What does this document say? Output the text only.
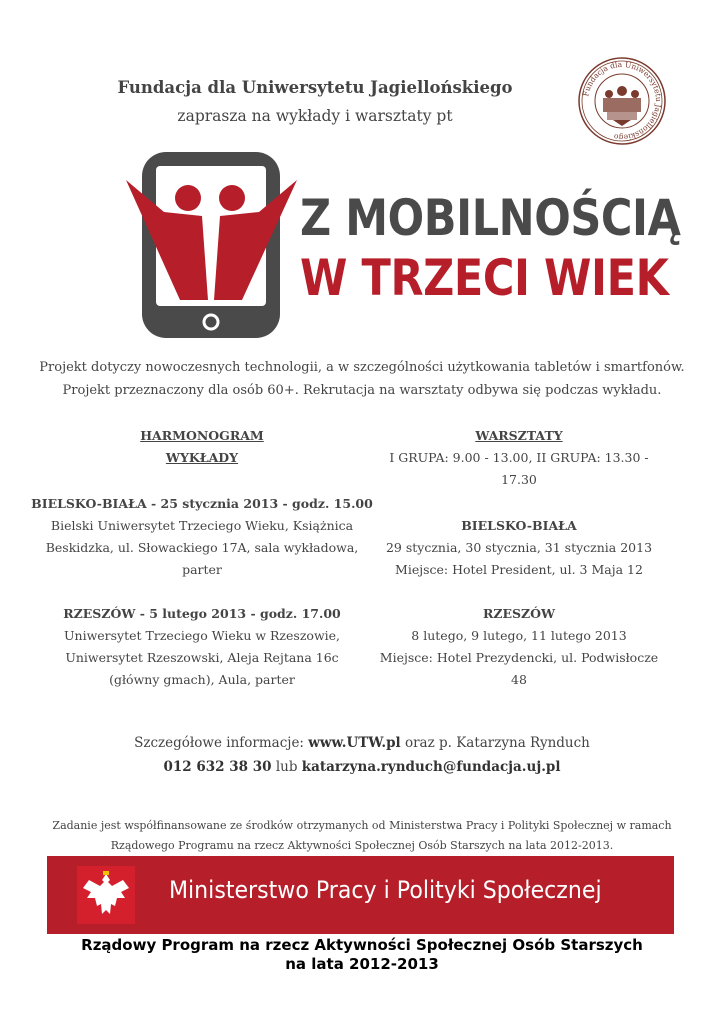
Fundacja dla Uniwersytetu Jagiellońskiego
zaprasza na wykłady i warsztaty pt
Fundacja dla Uniwersytetu Jagiellońskiego
Z MOBILNOŚCIĄ
W TRZECI WIEK
Projekt dotyczy nowoczesnych technologii, a w szczególności użytkowania tabletów i smartfonów.
Projekt przeznaczony dla osób 60+. Rekrutacja na warsztaty odbywa się podczas wykładu.
HARMONOGRAM
WYKŁADY
BIELSKO-BIAŁA - 25 stycznia 2013 - godz. 15.00
Bielski Uniwersytet Trzeciego Wieku, Książnica
Beskidzka, ul. Słowackiego 17A, sala wykładowa, parter
RZESZÓW - 5 lutego 2013 - godz. 17.00
Uniwersytet Trzeciego Wieku w Rzeszowie,
Uniwersytet Rzeszowski, Aleja Rejtana 16c
(główny gmach), Aula, parter
WARSZTATY
I GRUPA: 9.00 - 13.00, II GRUPA: 13.30 - 17.30
BIELSKO-BIAŁA
29 stycznia, 30 stycznia, 31 stycznia 2013
Miejsce: Hotel President, ul. 3 Maja 12
RZESZÓW
8 lutego, 9 lutego, 11 lutego 2013
Miejsce: Hotel Prezydencki, ul. Podwisłocze 48
Szczegółowe informacje: www.UTW.pl oraz p. Katarzyna Rynduch
012 632 38 30 lub katarzyna.rynduch@fundacja.uj.pl
Zadanie jest współfinansowane ze środków otrzymanych od Ministerstwa Pracy i Polityki Społecznej w ramach
Rządowego Programu na rzecz Aktywności Społecznej Osób Starszych na lata 2012-2013.
Ministerstwo Pracy i Polityki Społecznej
Rządowy Program na rzecz Aktywności Społecznej Osób Starszych
na lata 2012-2013
